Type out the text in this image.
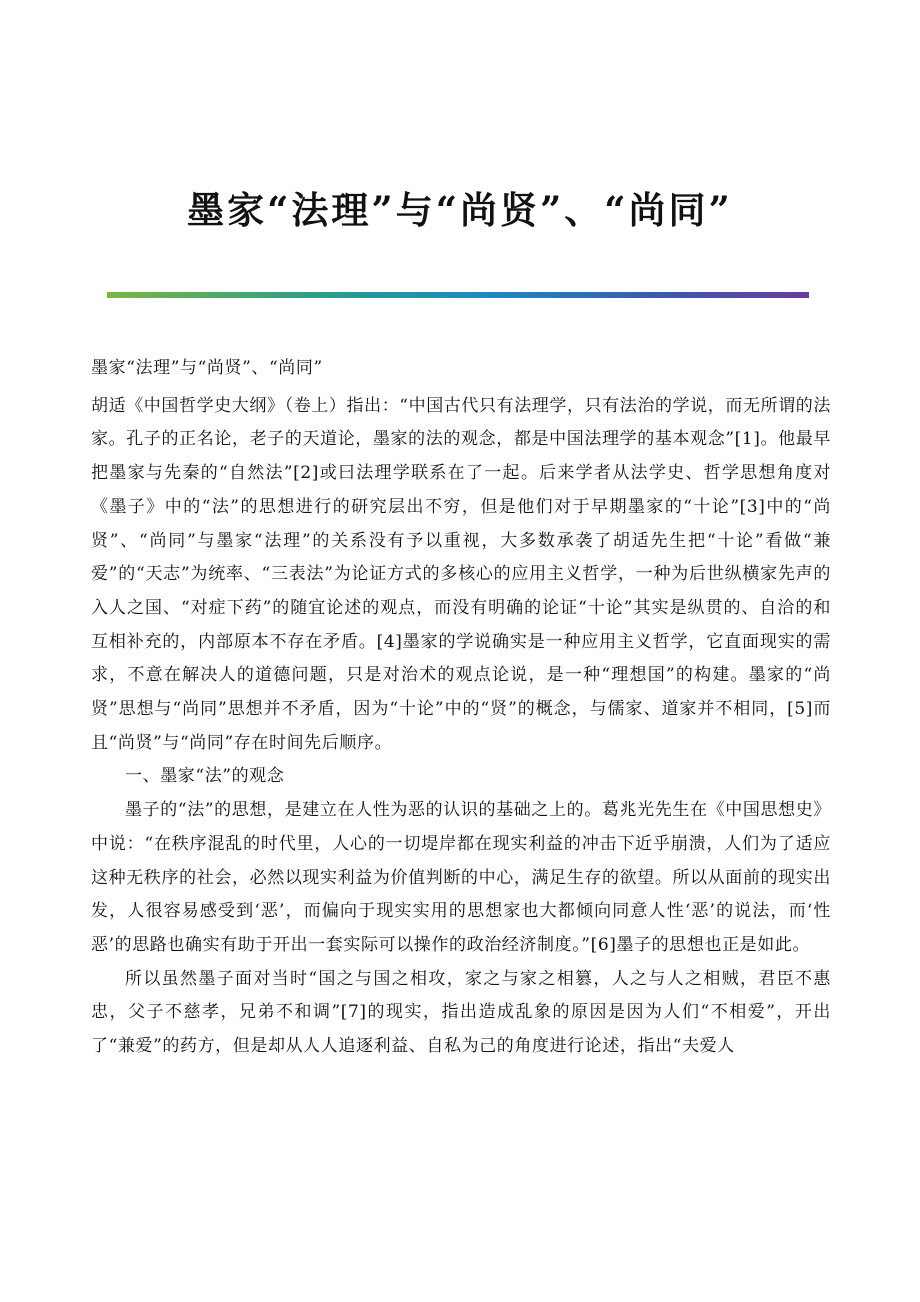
墨家“法理”与“尚贤”、“尚同”

墨家“法理”与“尚贤”、“尚同”

胡适《中国哲学史大纲》（卷上）指出：“中国古代只有法理学，只有法治的学说，而无所谓的法家。孔子的正名论，老子的天道论，墨家的法的观念，都是中国法理学的基本观念”[1]。他最早把墨家与先秦的“自然法”[2]或曰法理学联系在了一起。后来学者从法学史、哲学思想角度对《墨子》中的“法”的思想进行的研究层出不穷，但是他们对于早期墨家的“十论”[3]中的“尚贤”、“尚同”与墨家“法理”的关系没有予以重视，大多数承袭了胡适先生把“十论”看做“兼爱”的“天志”为统率、“三表法”为论证方式的多核心的应用主义哲学，一种为后世纵横家先声的入人之国、“对症下药”的随宜论述的观点，而没有明确的论证“十论”其实是纵贯的、自洽的和互相补充的，内部原本不存在矛盾。[4]墨家的学说确实是一种应用主义哲学，它直面现实的需求，不意在解决人的道德问题，只是对治术的观点论说，是一种“理想国”的构建。墨家的“尚贤”思想与“尚同”思想并不矛盾，因为“十论”中的“贤”的概念，与儒家、道家并不相同，[5]而且“尚贤”与“尚同”存在时间先后顺序。

一、墨家“法”的观念

墨子的“法”的思想，是建立在人性为恶的认识的基础之上的。葛兆光先生在《中国思想史》中说：“在秩序混乱的时代里，人心的一切堤岸都在现实利益的冲击下近乎崩溃，人们为了适应这种无秩序的社会，必然以现实利益为价值判断的中心，满足生存的欲望。所以从面前的现实出发，人很容易感受到‘恶’，而偏向于现实实用的思想家也大都倾向同意人性‘恶’的说法，而‘性恶’的思路也确实有助于开出一套实际可以操作的政治经济制度。”[6]墨子的思想也正是如此。

所以虽然墨子面对当时“国之与国之相攻，家之与家之相篡，人之与人之相贼，君臣不惠忠，父子不慈孝，兄弟不和调”[7]的现实，指出造成乱象的原因是因为人们“不相爱”，开出了“兼爱”的药方，但是却从人人追逐利益、自私为己的角度进行论述，指出“夫爱人
